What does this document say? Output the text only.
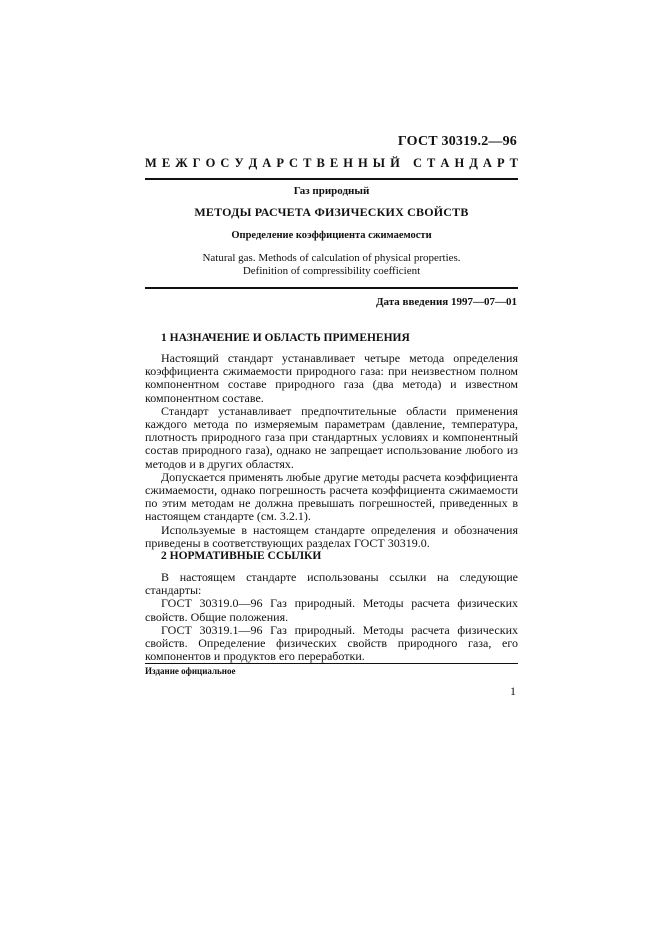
ГОСТ 30319.2—96
М Е Ж Г О С У Д А Р С Т В Е Н Н Ы Й
С Т А Н Д А Р Т
Газ природный
МЕТОДЫ РАСЧЕТА ФИЗИЧЕСКИХ СВОЙСТВ
Определение коэффициента сжимаемости
Natural gas. Methods of calculation of physical properties.
Definition of compressibility coefficient
Дата введения 1997—07—01
1 НАЗНАЧЕНИЕ И ОБЛАСТЬ ПРИМЕНЕНИЯ

Настоящий стандарт устанавливает четыре метода определения коэффициента сжимаемости природного газа: при неизвестном полном компонентном составе природного газа (два метода) и известном компонентном составе.

Стандарт устанавливает предпочтительные области применения каждого метода по измеряемым параметрам (давление, температура, плотность природного газа при стандартных условиях и компонентный состав природного газа), однако не запрещает использование любого из методов и в других областях.

Допускается применять любые другие методы расчета коэффициента сжимаемости, однако погрешность расчета коэффициента сжимаемости по этим методам не должна превышать погрешностей, приведенных в настоящем стандарте (см. 3.2.1).

Используемые в настоящем стандарте определения и обозначения приведены в соответствующих разделах ГОСТ 30319.0.

2 НОРМАТИВНЫЕ ССЫЛКИ

В настоящем стандарте использованы ссылки на следующие стандарты:

ГОСТ 30319.0—96 Газ природный. Методы расчета физических свойств. Общие положения.

ГОСТ 30319.1—96 Газ природный. Методы расчета физических свойств. Определение физических свойств природного газа, его компонентов и продуктов его переработки.

Издание официальное
1
